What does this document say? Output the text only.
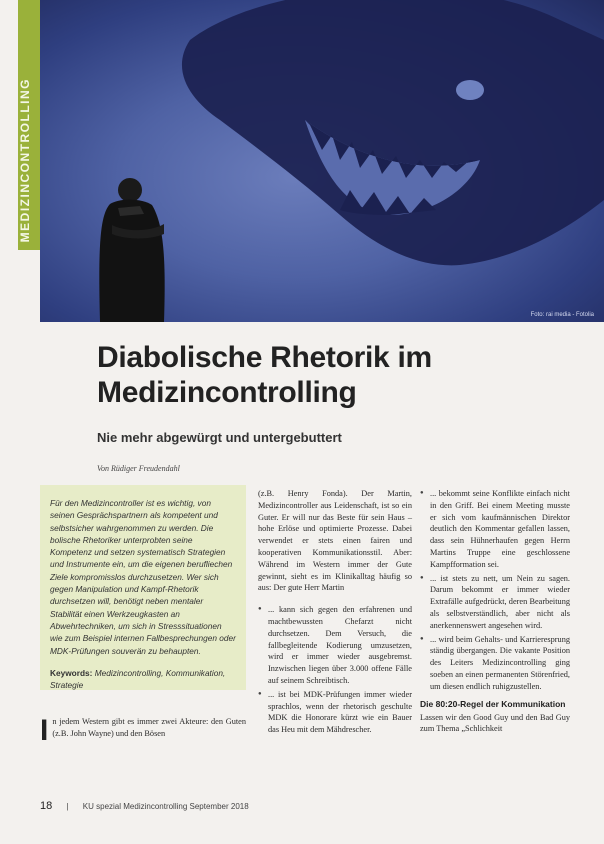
MEDIZINCONTROLLING
Foto: rai media - Fotolia
Diabolische Rhetorik im
Medizincontrolling
Nie mehr abgewürgt und untergebuttert
Von Rüdiger Freudendahl

Für den Medizincontroller ist es wichtig, von seinen Gesprächspartnern als kompetent und selbstsicher wahrgenommen zu werden. Die bolische Rhetoriker unterprobten seine Kompetenz und setzen systematisch Strategien und Instrumente ein, um die eigenen berufliechen Ziele kompromisslos durchzusetzen. Wer sich gegen Manipulation und Kampf-Rhetorik durchsetzen will, benötigt neben mentaler Stabilität einen Werkzeugkasten an Abwehrtechniken, um sich in Stresssituationen wie zum Beispiel internen Fallbesprechungen oder MDK-Prüfungen souverän zu behaupten.

Keywords: Medizincontrolling, Kommunikation, Strategie
I n jedem Western gibt es immer zwei Akteure: den Guten (z.B. John Wayne) und den Bösen

(z.B. Henry Fonda). Der Martin, Medizincontroller aus Leidenschaft, ist so ein Guter. Er will nur das Beste für sein Haus – hohe Erlöse und optimierte Prozesse. Dabei verwendet er stets einen fairen und kooperativen Kommunikationsstil. Aber: Während im Western immer der Gute gewinnt, sieht es im Klinikalltag häufig so aus: Der gute Herr Martin

● ... kann sich gegen den erfahrenen und machtbewussten Chefarzt nicht durchsetzen. Dem Versuch, die fallbegleitende Kodierung umzusetzen, wird er immer wieder ausgebremst. Inzwischen liegen über 3.000 offene Fälle auf seinem Schreibtisch.
● ... ist bei MDK-Prüfungen immer wieder sprachlos, wenn der rhetorisch geschulte MDK die Honorare kürzt wie ein Bauer das Heu mit dem Mähdrescher.
● ... bekommt seine Konflikte einfach nicht in den Griff. Bei einem Meeting musste er sich vom kaufmännischen Direktor deutlich den Kommentar gefallen lassen, dass sein Hühnerhaufen gegen Herrn Martins Truppe eine geschlossene Kampfformation sei.
● ... ist stets zu nett, um Nein zu sagen. Darum bekommt er immer wieder Extrafälle aufgedrückt, deren Bearbeitung als selbstverständlich, aber nicht als anerkennenswert angesehen wird.
● ... wird beim Gehalts- und Karrieresprung ständig übergangen. Die vakante Position des Leiters Medizincontrolling ging soeben an einen permanenten Störenfried, um diesen endlich ruhigzustellen.
Die 80:20-Regel der Kommunikation

Lassen wir den Good Guy und den Bad Guy zum Thema „Schlichkeit

18 | KU spezial Medizincontrolling September 2018
